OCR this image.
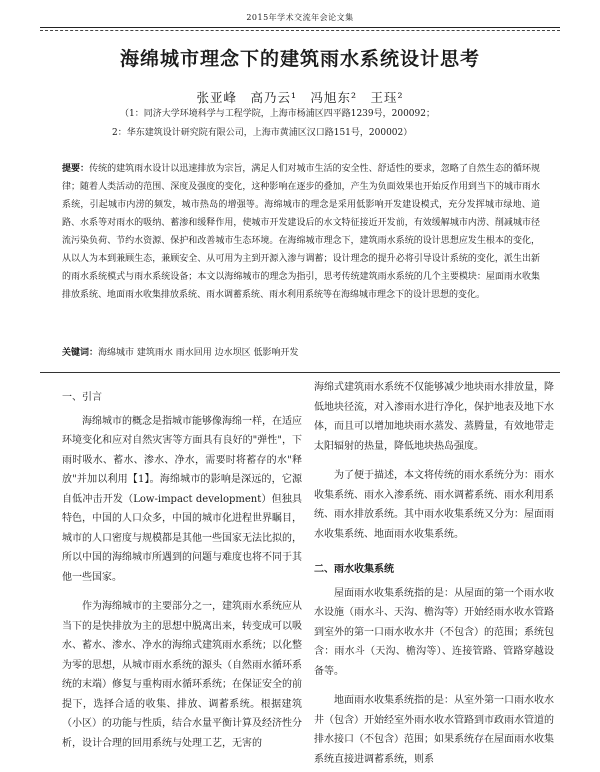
2015年学术交流年会论文集
海绵城市理念下的建筑雨水系统设计思考
张亚峰　高乃云¹　冯旭东²　王珏²
（1：同济大学环境科学与工程学院，上海市杨浦区四平路1239号，200092；
2：华东建筑设计研究院有限公司，上海市黄浦区汉口路151号，200002）
提要：传统的建筑雨水设计以迅速排放为宗旨，满足人们对城市生活的安全性、舒适性的要求，忽略了自然生态的循环规律；随着人类活动的范围、深度及强度的变化，这种影响在逐步的叠加，产生为负面效果也开始反作用到当下的城市雨水系统，引起城市内涝的频发，城市热岛的增强等。海绵城市的理念是采用低影响开发建设模式，充分发挥城市绿地、道路、水系等对雨水的吸纳、蓄渗和缓释作用，使城市开发建设后的水文特征接近开发前，有效缓解城市内涝、削减城市径流污染负荷、节约水资源、保护和改善城市生态环境。在海绵城市理念下，建筑雨水系统的设计思想应发生根本的变化，从以人为本到兼顾生态，兼顾安全、从可用为主到开源入渗与调蓄；设计理念的提升必将引导设计系统的变化，派生出新的雨水系统模式与雨水系统设备；本文以海绵城市的理念为指引，思考传统建筑雨水系统的几个主要模块：屋面雨水收集排放系统、地面雨水收集排放系统、雨水调蓄系统、雨水利用系统等在海绵城市理念下的设计思想的变化。
关键词：海绵城市 建筑雨水 雨水回用 边水坝区 低影响开发
一、引言

海绵城市的概念是指城市能够像海绵一样，在适应环境变化和应对自然灾害等方面具有良好的"弹性"，下雨时吸水、蓄水、渗水、净水，需要时将蓄存的水"释放"并加以利用【1】。海绵城市的影响是深远的，它源自低冲击开发（Low-impact development）但独具特色，中国的人口众多，中国的城市化进程世界瞩目，城市的人口密度与规模都是其他一些国家无法比拟的，所以中国的海绵城市所遇到的问题与难度也将不同于其他一些国家。

作为海绵城市的主要部分之一，建筑雨水系统应从当下的是快排放为主的思想中脱离出来，转变成可以吸水、蓄水、渗水、净水的海绵式建筑雨水系统；以化整为零的思想，从城市雨水系统的源头（自然雨水循环系统的末端）修复与重构雨水循环系统；在保证安全的前提下，选择合适的收集、排放、调蓄系统。根据建筑（小区）的功能与性质，结合水量平衡计算及经济性分析，设计合理的回用系统与处理工艺，无害的

海绵式建筑雨水系统不仅能够减少地块雨水排放量，降低地块径流，对入渗雨水进行净化，保护地表及地下水体，而且可以增加地块雨水蒸发、蒸腾量，有效地带走太阳辐射的热量，降低地块热岛强度。

为了便于描述，本文将传统的雨水系统分为：雨水收集系统、雨水入渗系统、雨水调蓄系统、雨水利用系统、雨水排放系统。其中雨水收集系统又分为：屋面雨水收集系统、地面雨水收集系统。

二、雨水收集系统

屋面雨水收集系统指的是：从屋面的第一个雨水收水设施（雨水斗、天沟、檐沟等）开始经雨水收水管路到室外的第一口雨水收水井（不包含）的范围；系统包含：雨水斗（天沟、檐沟等）、连接管路、管路穿越设备等。

地面雨水收集系统指的是：从室外第一口雨水收水井（包含）开始经室外雨水收水管路到市政雨水管道的排水接口（不包含）范围；如果系统存在屋面雨水收集系统直接进调蓄系统，则系
